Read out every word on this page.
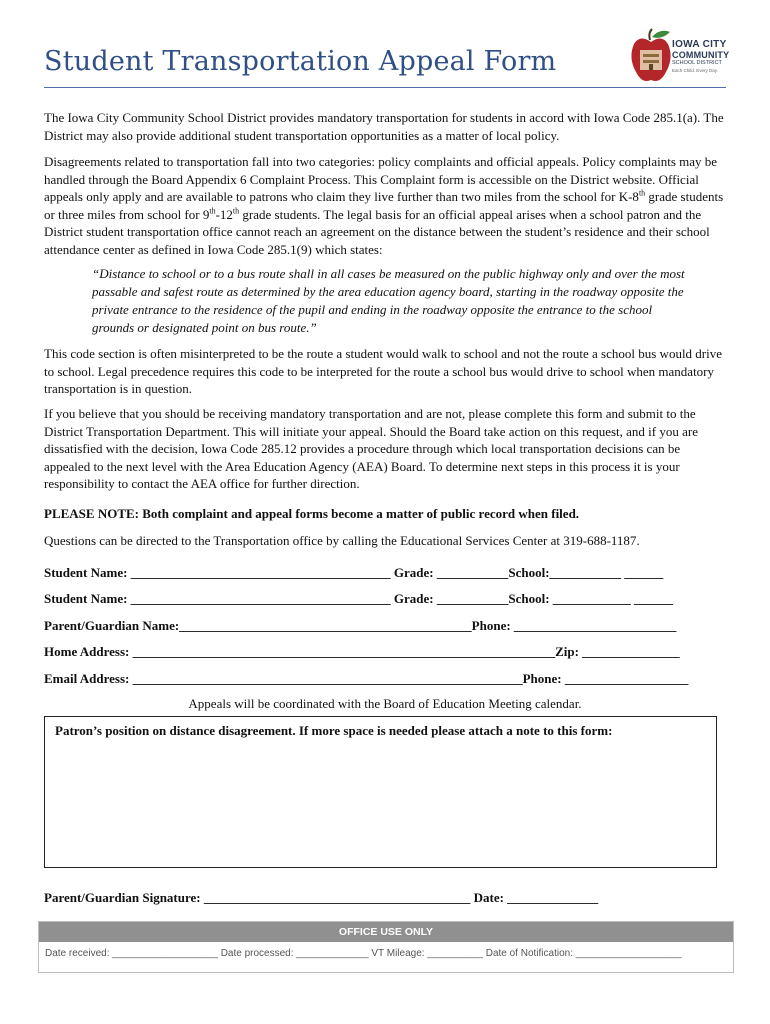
Student Transportation Appeal Form
IOWA CITY
COMMUNITY
SCHOOL DISTRICT
Each Child. Every Day.
The Iowa City Community School District provides mandatory transportation for students in accord with Iowa Code 285.1(a). The District may also provide additional student transportation opportunities as a matter of local policy.
Disagreements related to transportation fall into two categories: policy complaints and official appeals. Policy complaints may be handled through the Board Appendix 6 Complaint Process. This Complaint form is accessible on the District website. Official appeals only apply and are available to patrons who claim they live further than two miles from the school for K-8th grade students or three miles from school for 9th-12th grade students. The legal basis for an official appeal arises when a school patron and the District student transportation office cannot reach an agreement on the distance between the student’s residence and their school attendance center as defined in Iowa Code 285.1(9) which states:
“Distance to school or to a bus route shall in all cases be measured on the public highway only and over the most passable and safest route as determined by the area education agency board, starting in the roadway opposite the private entrance to the residence of the pupil and ending in the roadway opposite the entrance to the school grounds or designated point on bus route.”
This code section is often misinterpreted to be the route a student would walk to school and not the route a school bus would drive to school. Legal precedence requires this code to be interpreted for the route a school bus would drive to school when mandatory transportation is in question.
If you believe that you should be receiving mandatory transportation and are not, please complete this form and submit to the District Transportation Department. This will initiate your appeal. Should the Board take action on this request, and if you are dissatisfied with the decision, Iowa Code 285.12 provides a procedure through which local transportation decisions can be appealed to the next level with the Area Education Agency (AEA) Board. To determine next steps in this process it is your responsibility to contact the AEA office for further direction.
PLEASE NOTE: Both complaint and appeal forms become a matter of public record when filed.
Questions can be directed to the Transportation office by calling the Educational Services Center at 319-688-1187.
Student Name: ________________________________________ Grade: ___________School:___________ ______
Student Name: ________________________________________ Grade: ___________School: ____________ ______
Parent/Guardian Name:_____________________________________________Phone: _________________________
Home Address: _________________________________________________________________Zip: _______________
Email Address: ____________________________________________________________Phone: ___________________
Appeals will be coordinated with the Board of Education Meeting calendar.
Patron’s position on distance disagreement. If more space is needed please attach a note to this form:
Parent/Guardian Signature: _________________________________________ Date: ______________
OFFICE USE ONLY
Date received: ___________________ Date processed: _____________ VT Mileage: __________ Date of Notification: ___________________
